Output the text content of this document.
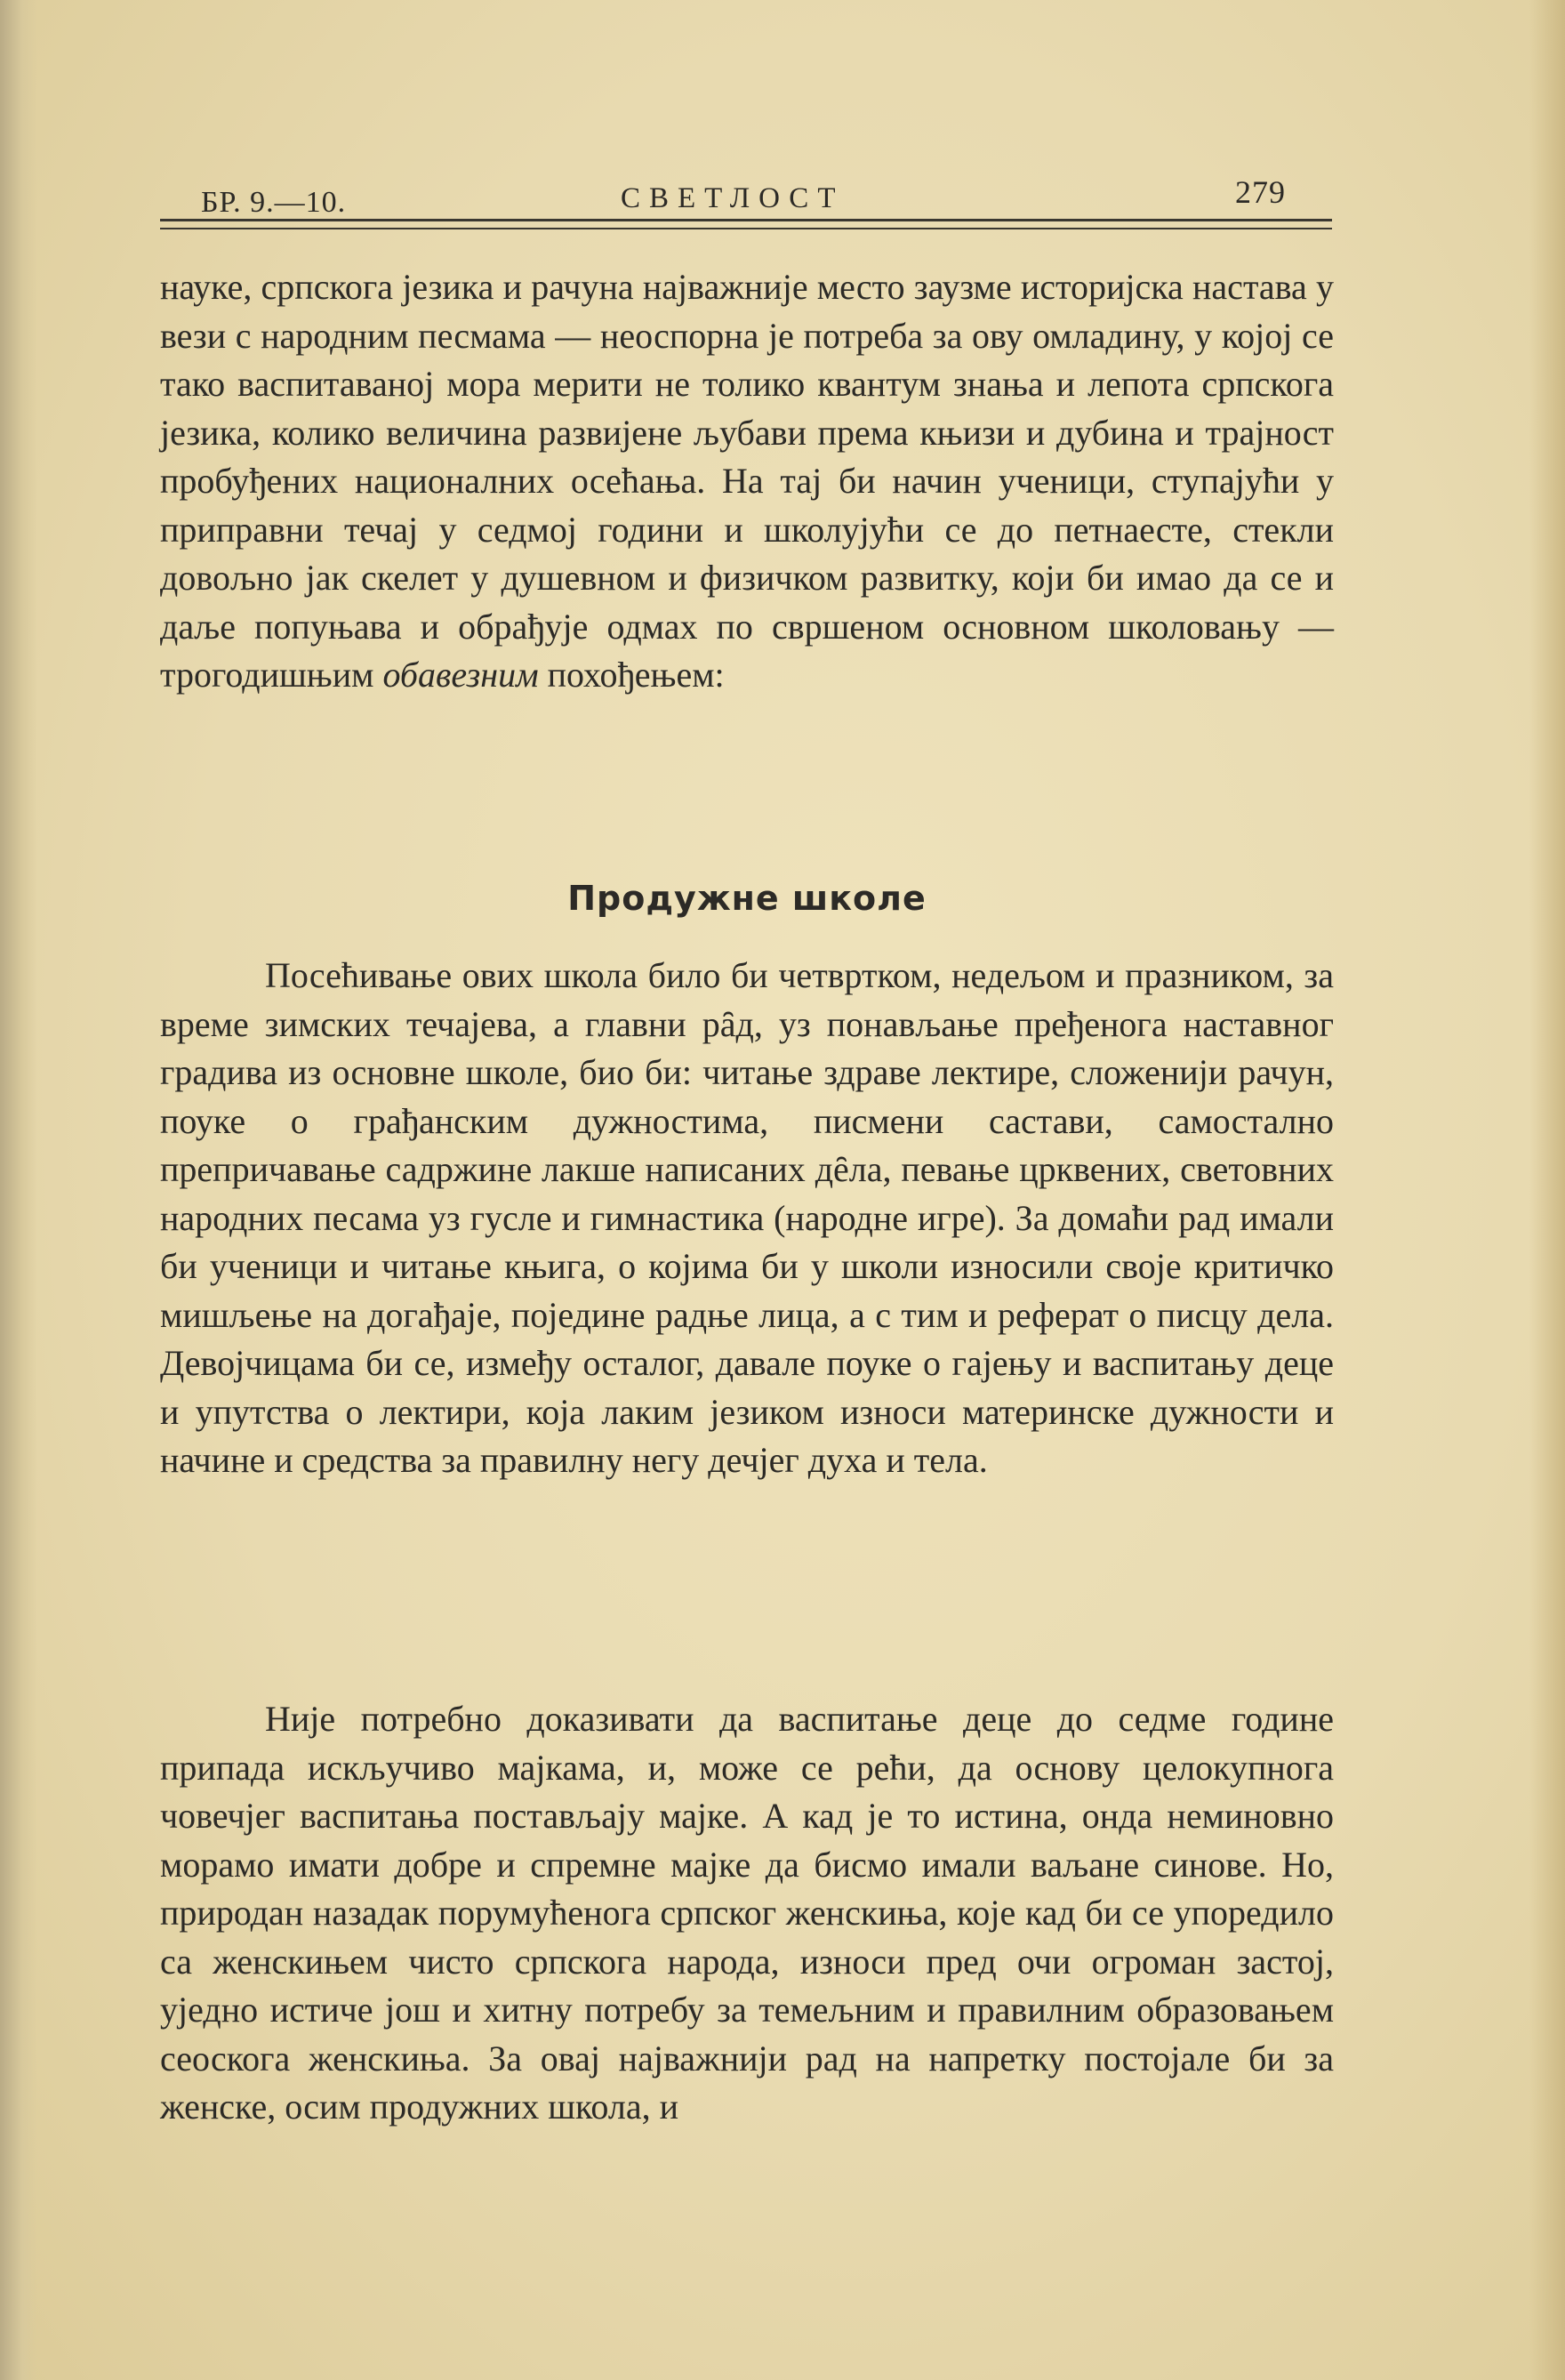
БР. 9.—10.	СВЕТЛОСТ	279

науке, српскога језика и рачуна најважније место заузме историјска настава у вези с народним песмама — неоспорна је потреба за ову омладину, у којој се тако васпитаваној мора мерити не толико квантум знања и лепота српскога језика, колико величина развијене љубави према књизи и дубина и трајност пробуђених националних осећања. На тај би начин ученици, ступајући у приправни течај у седмој години и школујући се до петнаесте, стекли довољно јак скелет у душевном и физичком развитку, који би имао да се и даље попуњава и обрађује одмах по свршеном основном школовању — трогодишњим обавезним похођењем:

Продужне школе

Посећивање ових школа било би четвртком, недељом и празником, за време зимских течајева, а главни рȃд, уз понављање пређенога наставног градива из основне школе, био би: читање здраве лектире, сложенији рачун, поуке о грађанским дужностима, писмени састави, самостално препричавање садржине лакше написаних дȇла, певање црквених, световних народних песама уз гусле и гимнастика (народне игре). За домаћи рад имали би ученици и читање књига, о којима би у школи износили своје критичко мишљење на догађаје, поједине радње лица, а с тим и реферат о писцу дела. Девојчицама би се, између осталог, давале поуке о гајењу и васпитању деце и упутства о лектири, која лаким језиком износи материнске дужности и начине и средства за правилну негу дечјег духа и тела.

Није потребно доказивати да васпитање деце до седме године припада искључиво мајкама, и, може се рећи, да основу целокупнога човечјег васпитања постављају мајке. А кад је то истина, онда неминовно морамо имати добре и спремне мајке да бисмо имали ваљане синове. Но, природан назадак порумућенога српског женскиња, које кад би се упоредило са женскињем чисто српскога народа, износи пред очи огроман застој, уједно истиче још и хитну потребу за темељним и правилним образовањем сеоскога женскиња. За овај најважнији рад на напретку постојале би за женске, осим продужних школа, и
